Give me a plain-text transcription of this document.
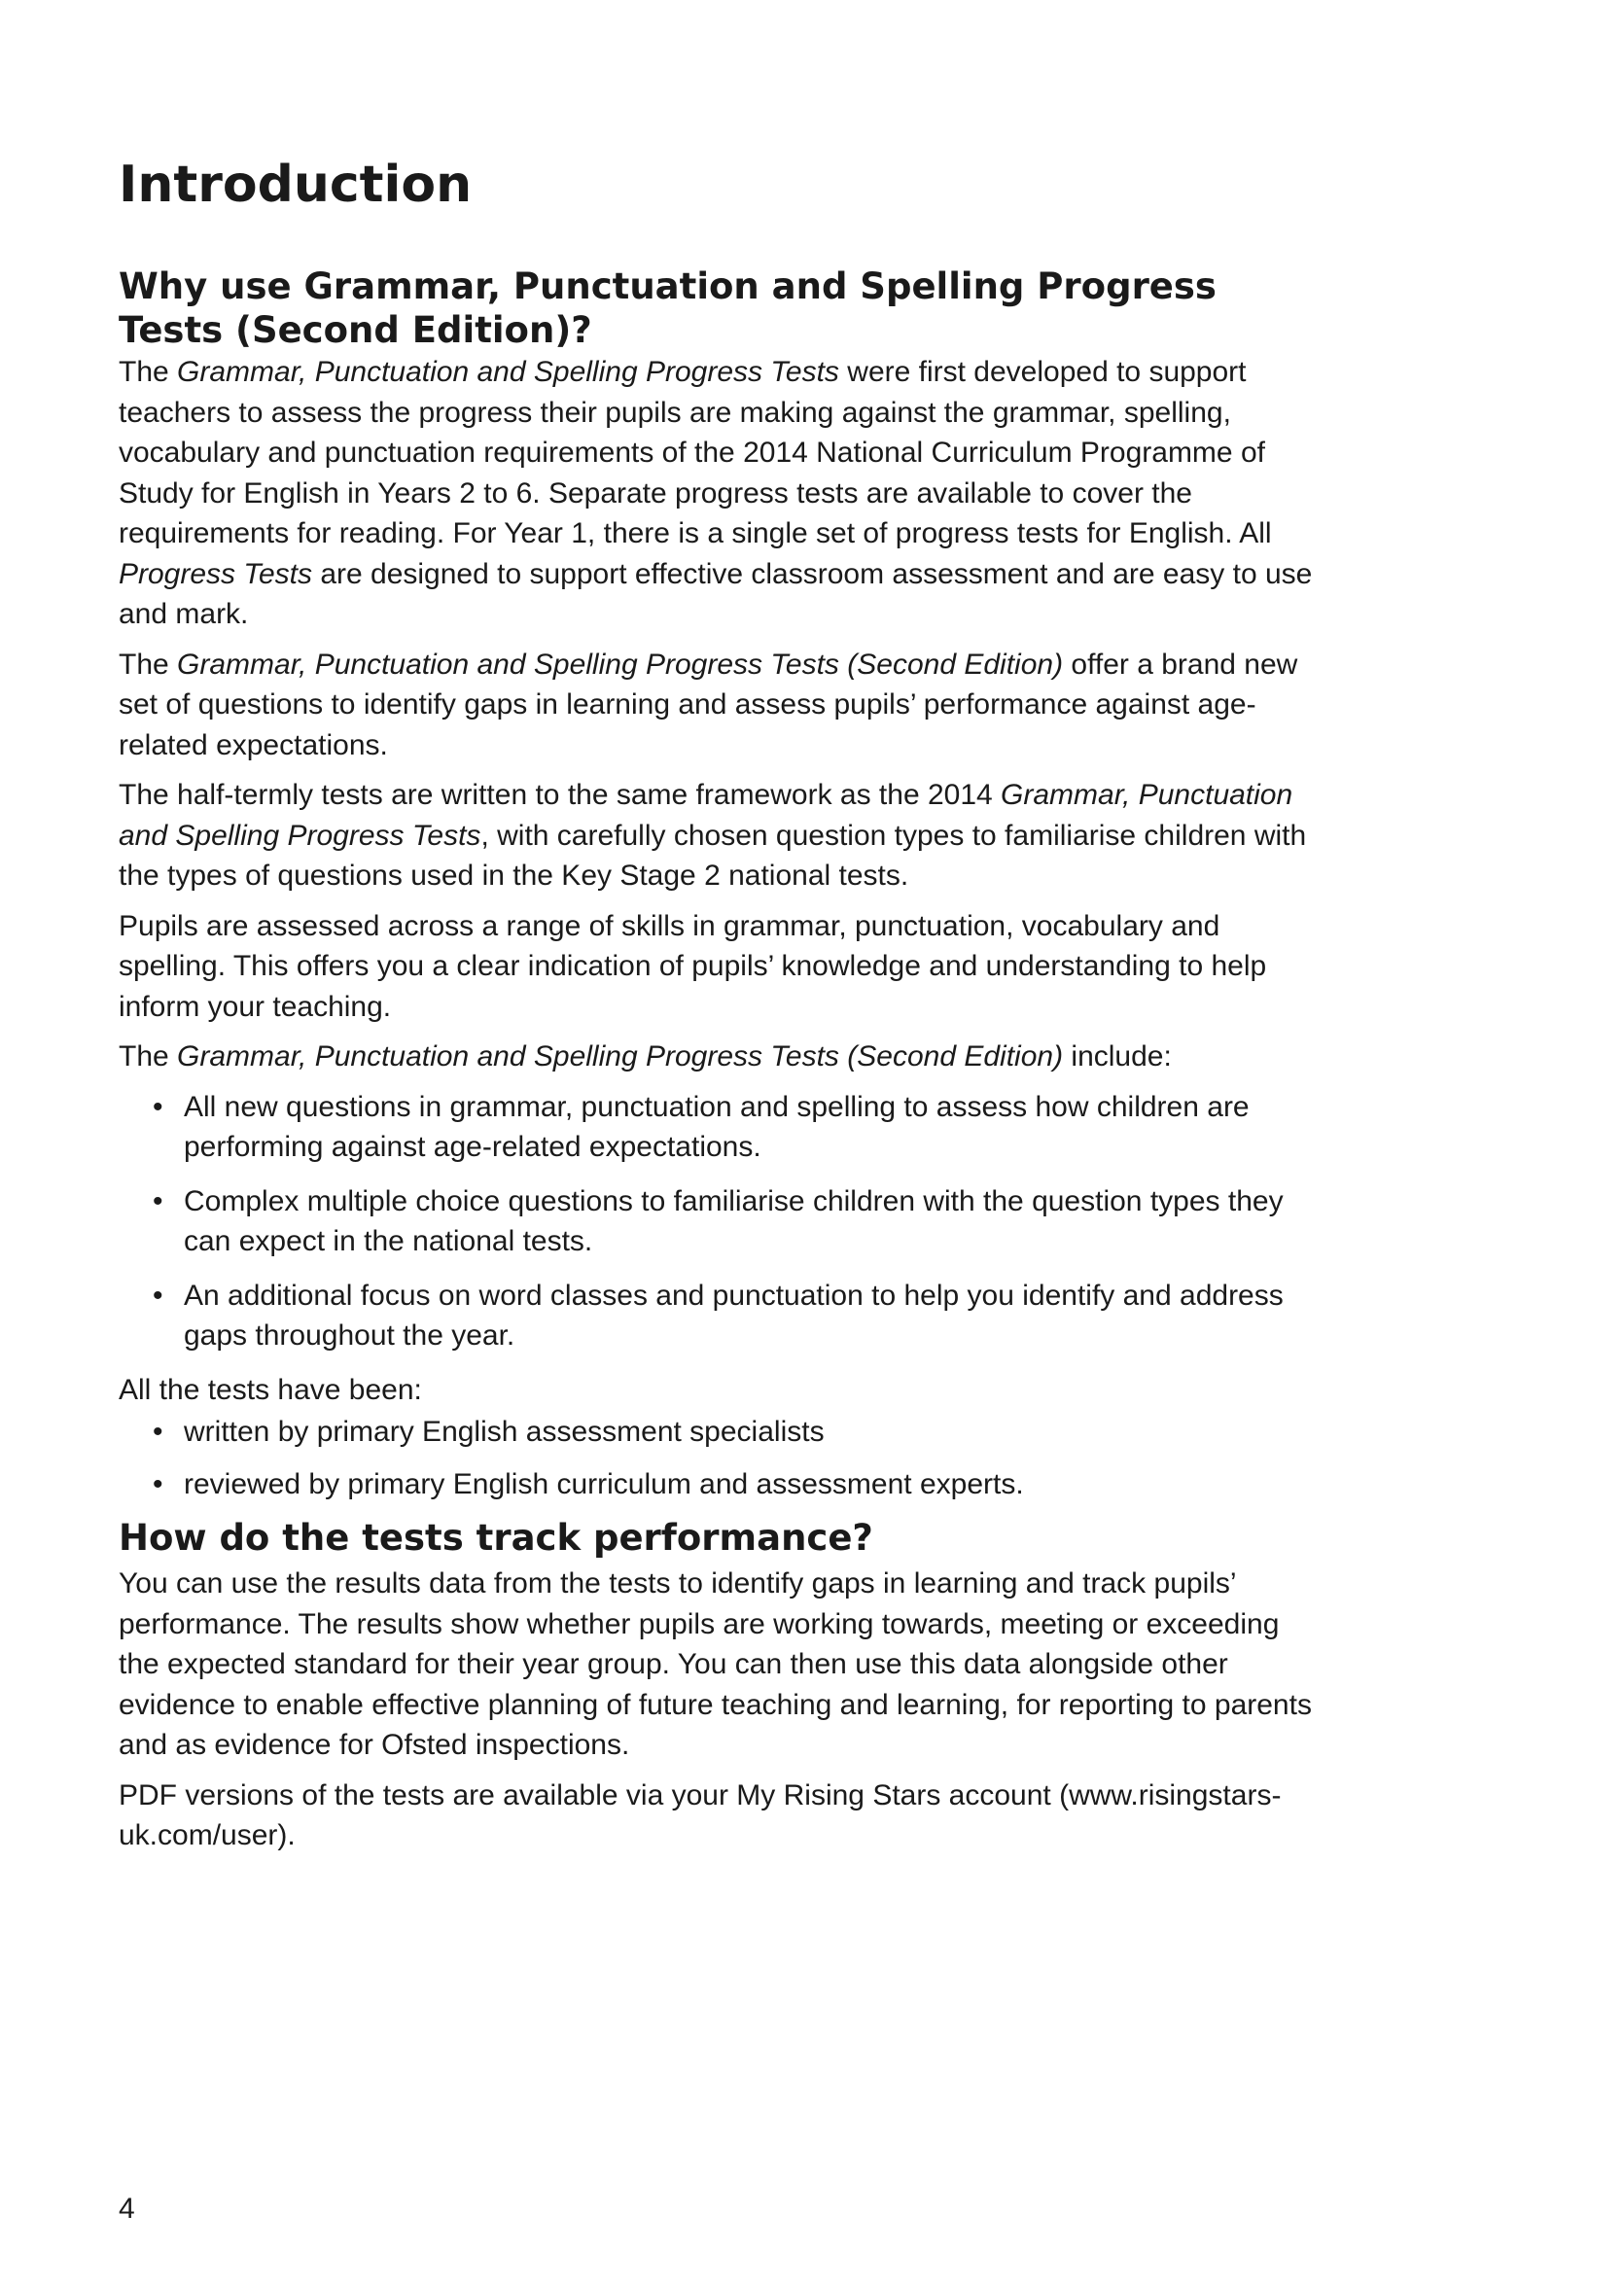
Introduction
Why use Grammar, Punctuation and Spelling Progress Tests (Second Edition)?

The Grammar, Punctuation and Spelling Progress Tests were first developed to support teachers to assess the progress their pupils are making against the grammar, spelling, vocabulary and punctuation requirements of the 2014 National Curriculum Programme of Study for English in Years 2 to 6. Separate progress tests are available to cover the requirements for reading. For Year 1, there is a single set of progress tests for English. All Progress Tests are designed to support effective classroom assessment and are easy to use and mark.

The Grammar, Punctuation and Spelling Progress Tests (Second Edition) offer a brand new set of questions to identify gaps in learning and assess pupils’ performance against age-related expectations.

The half-termly tests are written to the same framework as the 2014 Grammar, Punctuation and Spelling Progress Tests, with carefully chosen question types to familiarise children with the types of questions used in the Key Stage 2 national tests.

Pupils are assessed across a range of skills in grammar, punctuation, vocabulary and spelling. This offers you a clear indication of pupils’ knowledge and understanding to help inform your teaching.

The Grammar, Punctuation and Spelling Progress Tests (Second Edition) include:

• All new questions in grammar, punctuation and spelling to assess how children are performing against age-related expectations.
• Complex multiple choice questions to familiarise children with the question types they can expect in the national tests.
• An additional focus on word classes and punctuation to help you identify and address gaps throughout the year.

All the tests have been:

• written by primary English assessment specialists
• reviewed by primary English curriculum and assessment experts.
How do the tests track performance?

You can use the results data from the tests to identify gaps in learning and track pupils’ performance. The results show whether pupils are working towards, meeting or exceeding the expected standard for their year group. You can then use this data alongside other evidence to enable effective planning of future teaching and learning, for reporting to parents and as evidence for Ofsted inspections.

PDF versions of the tests are available via your My Rising Stars account (www.risingstars-uk.com/user).

4
